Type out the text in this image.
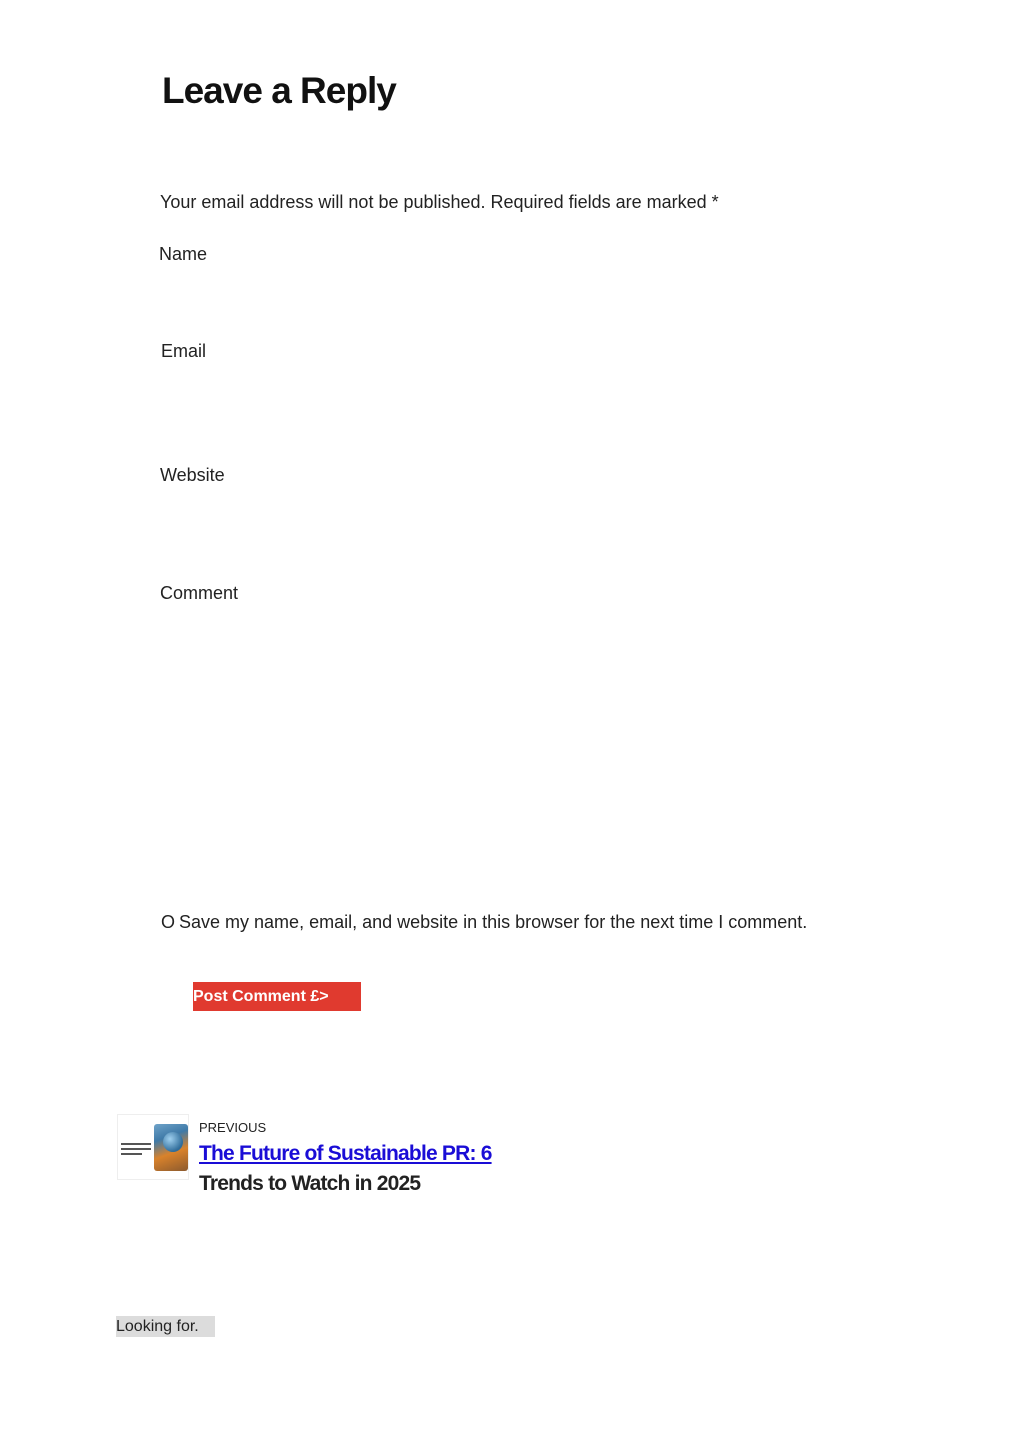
Leave a Reply
Your email address will not be published. Required fields are marked *
Name
Email
Website
Comment
O Save my name, email, and website in this browser for the next time I comment.
Post Comment £>
PREVIOUS
The Future of Sustainable PR: 6
Trends to Watch in 2025
Looking for...
